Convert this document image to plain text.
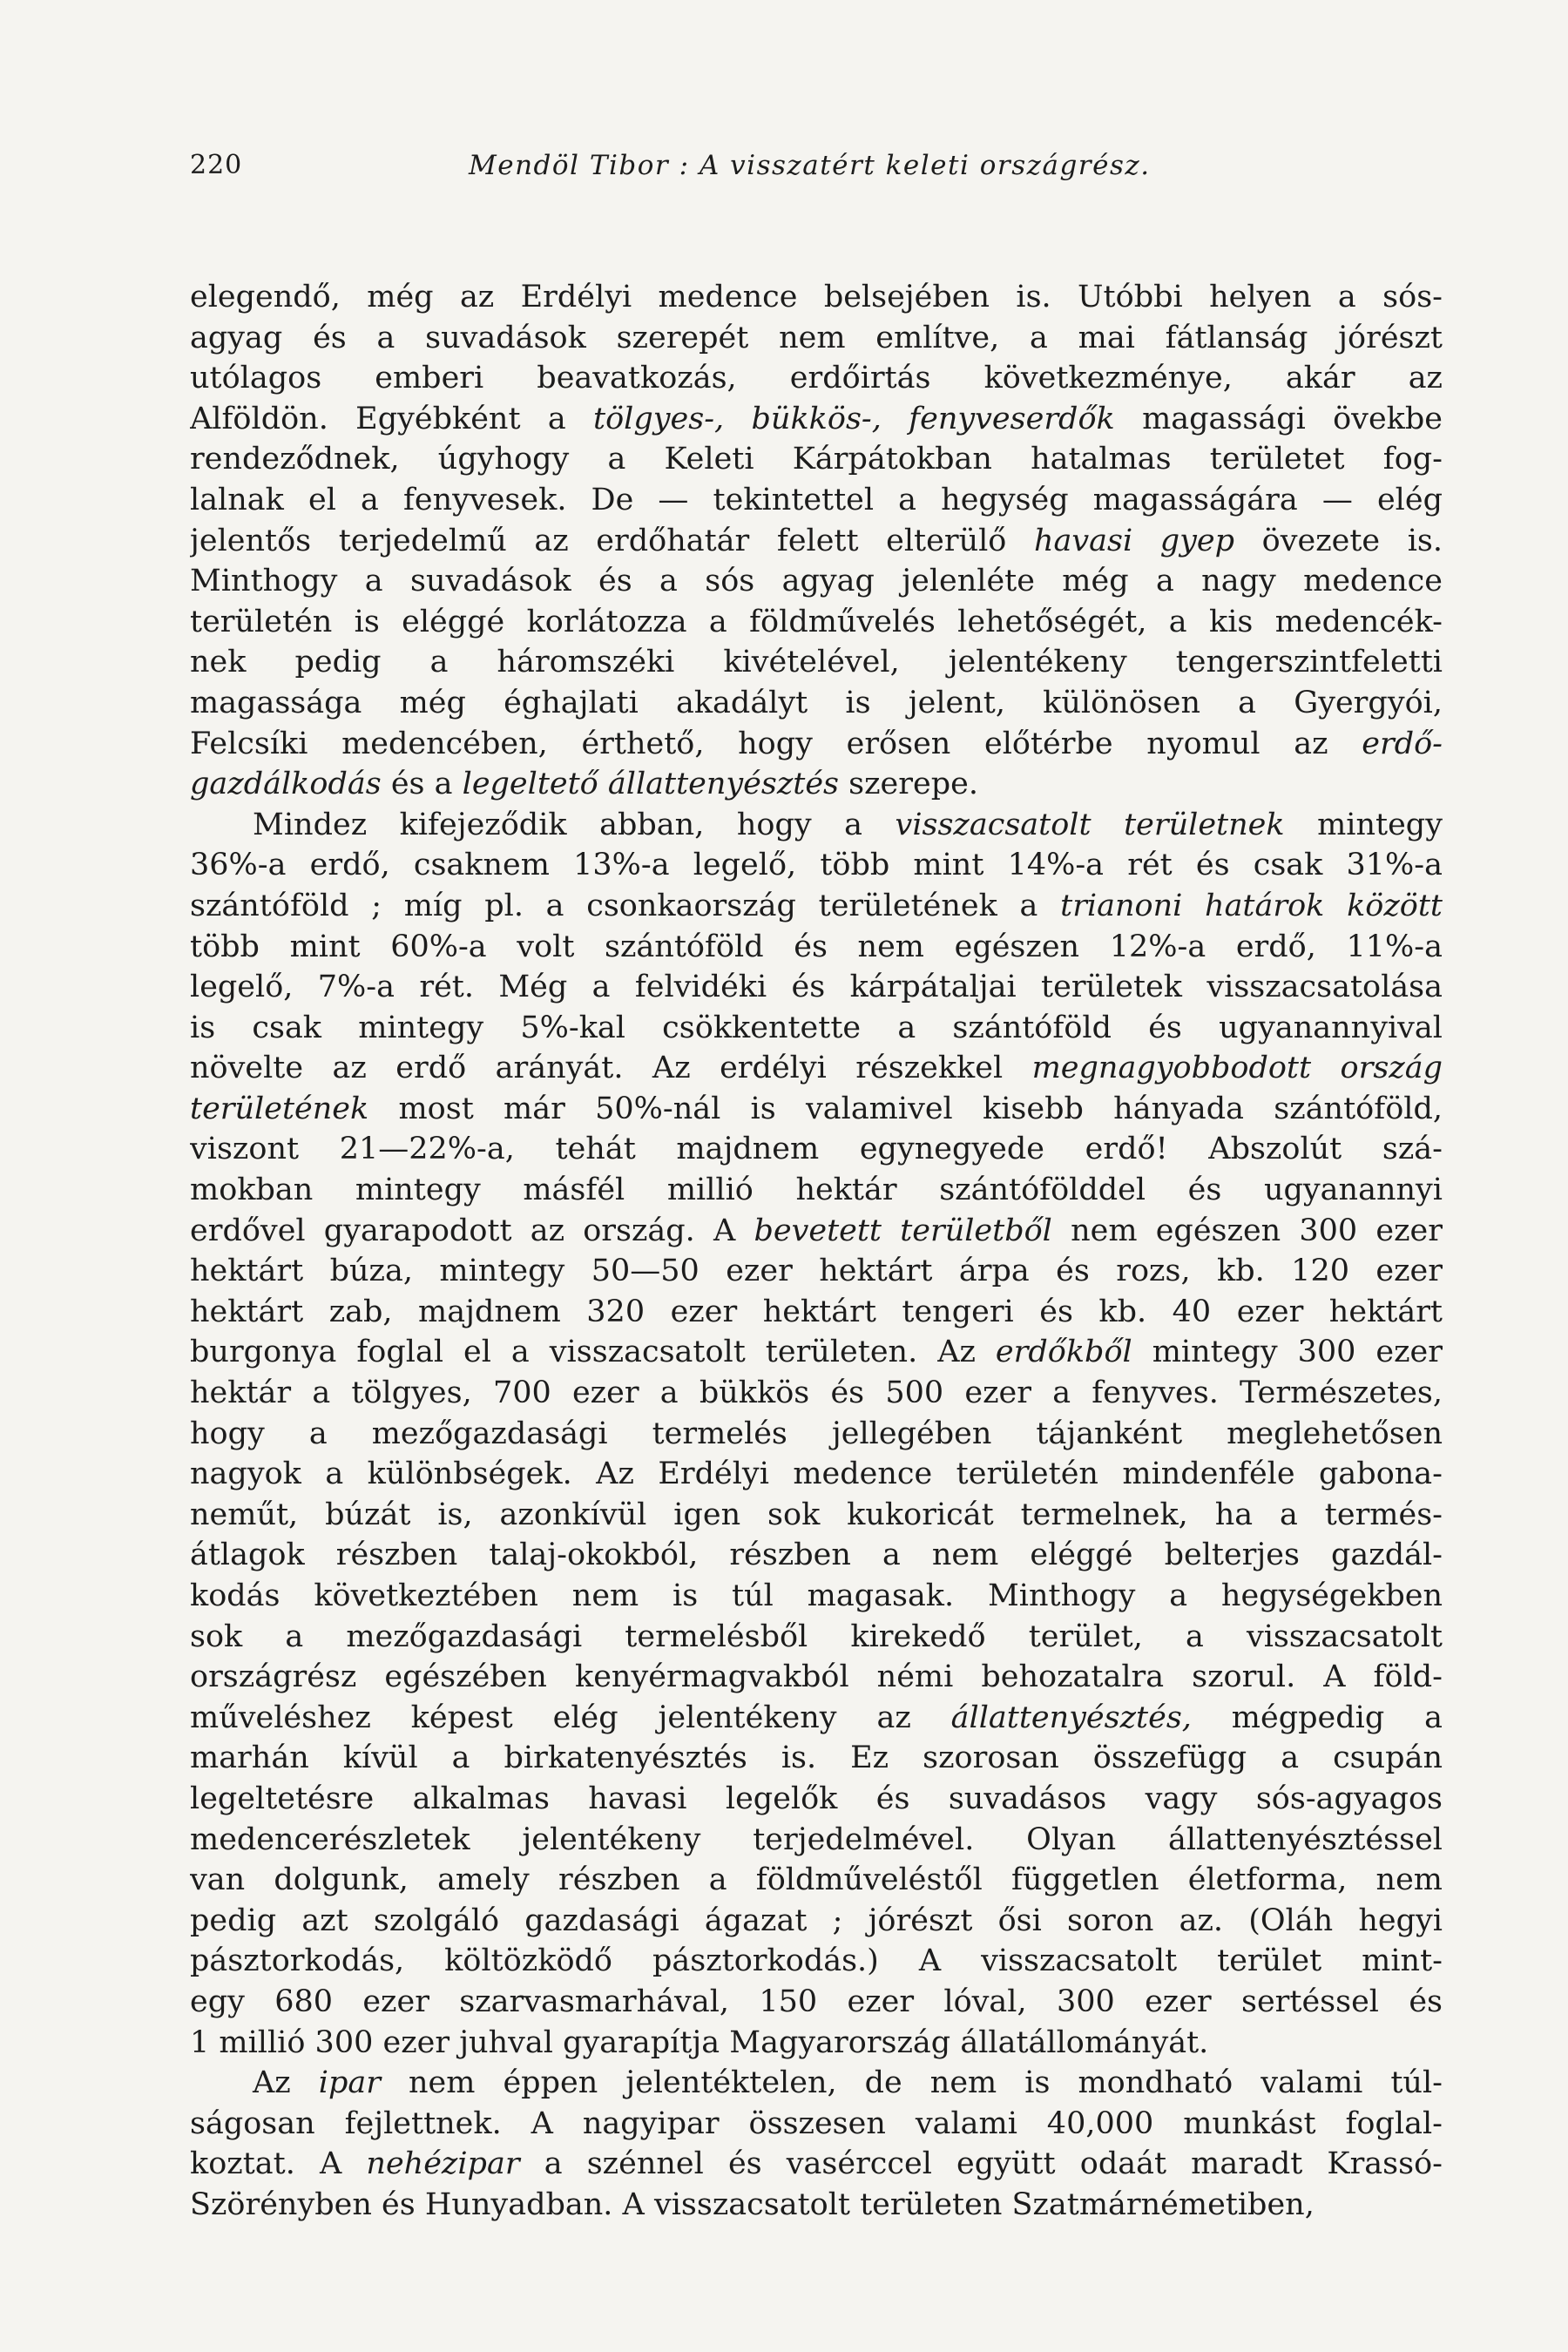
220	Mendöl Tibor : A visszatért keleti országrész.
elegendő, még az Erdélyi medence belsejében is. Utóbbi helyen a sós-
agyag és a suvadások szerepét nem említve, a mai fátlanság jórészt
utólagos emberi beavatkozás, erdőirtás következménye, akár az
Alföldön. Egyébként a tölgyes-, bükkös-, fenyveserdők magassági övekbe
rendeződnek, úgyhogy a Keleti Kárpátokban hatalmas területet fog-
lalnak el a fenyvesek. De — tekintettel a hegység magasságára — elég
jelentős terjedelmű az erdőhatár felett elterülő havasi gyep övezete is.
Minthogy a suvadások és a sós agyag jelenléte még a nagy medence
területén is eléggé korlátozza a földművelés lehetőségét, a kis medencék-
nek pedig a háromszéki kivételével, jelentékeny tengerszintfeletti
magassága még éghajlati akadályt is jelent, különösen a Gyergyói,
Felcsíki medencében, érthető, hogy erősen előtérbe nyomul az erdő-
gazdálkodás és a legeltető állattenyésztés szerepe.
Mindez kifejeződik abban, hogy a visszacsatolt területnek mintegy
36%-a erdő, csaknem 13%-a legelő, több mint 14%-a rét és csak 31%-a
szántóföld ; míg pl. a csonkaország területének a trianoni határok között
több mint 60%-a volt szántóföld és nem egészen 12%-a erdő, 11%-a
legelő, 7%-a rét. Még a felvidéki és kárpátaljai területek visszacsatolása
is csak mintegy 5%-kal csökkentette a szántóföld és ugyanannyival
növelte az erdő arányát. Az erdélyi részekkel megnagyobbodott ország
területének most már 50%-nál is valamivel kisebb hányada szántóföld,
viszont 21—22%-a, tehát majdnem egynegyede erdő! Abszolút szá-
mokban mintegy másfél millió hektár szántófölddel és ugyanannyi
erdővel gyarapodott az ország. A bevetett területből nem egészen 300 ezer
hektárt búza, mintegy 50—50 ezer hektárt árpa és rozs, kb. 120 ezer
hektárt zab, majdnem 320 ezer hektárt tengeri és kb. 40 ezer hektárt
burgonya foglal el a visszacsatolt területen. Az erdőkből mintegy 300 ezer
hektár a tölgyes, 700 ezer a bükkös és 500 ezer a fenyves. Természetes,
hogy a mezőgazdasági termelés jellegében tájanként meglehetősen
nagyok a különbségek. Az Erdélyi medence területén mindenféle gabona-
neműt, búzát is, azonkívül igen sok kukoricát termelnek, ha a termés-
átlagok részben talaj-okokból, részben a nem eléggé belterjes gazdál-
kodás következtében nem is túl magasak. Minthogy a hegységekben
sok a mezőgazdasági termelésből kirekedő terület, a visszacsatolt
országrész egészében kenyérmagvakból némi behozatalra szorul. A föld-
műveléshez képest elég jelentékeny az állattenyésztés, mégpedig a
marhán kívül a birkatenyésztés is. Ez szorosan összefügg a csupán
legeltetésre alkalmas havasi legelők és suvadásos vagy sós-agyagos
medencerészletek jelentékeny terjedelmével. Olyan állattenyésztéssel
van dolgunk, amely részben a földműveléstől független életforma, nem
pedig azt szolgáló gazdasági ágazat ; jórészt ősi soron az. (Oláh hegyi
pásztorkodás, költözködő pásztorkodás.) A visszacsatolt terület mint-
egy 680 ezer szarvasmarhával, 150 ezer lóval, 300 ezer sertéssel és
1 millió 300 ezer juhval gyarapítja Magyarország állatállományát.
Az ipar nem éppen jelentéktelen, de nem is mondható valami túl-
ságosan fejlettnek. A nagyipar összesen valami 40,000 munkást foglal-
koztat. A nehézipar a szénnel és vasérccel együtt odaát maradt Krassó-
Szörényben és Hunyadban. A visszacsatolt területen Szatmárnémetiben,
